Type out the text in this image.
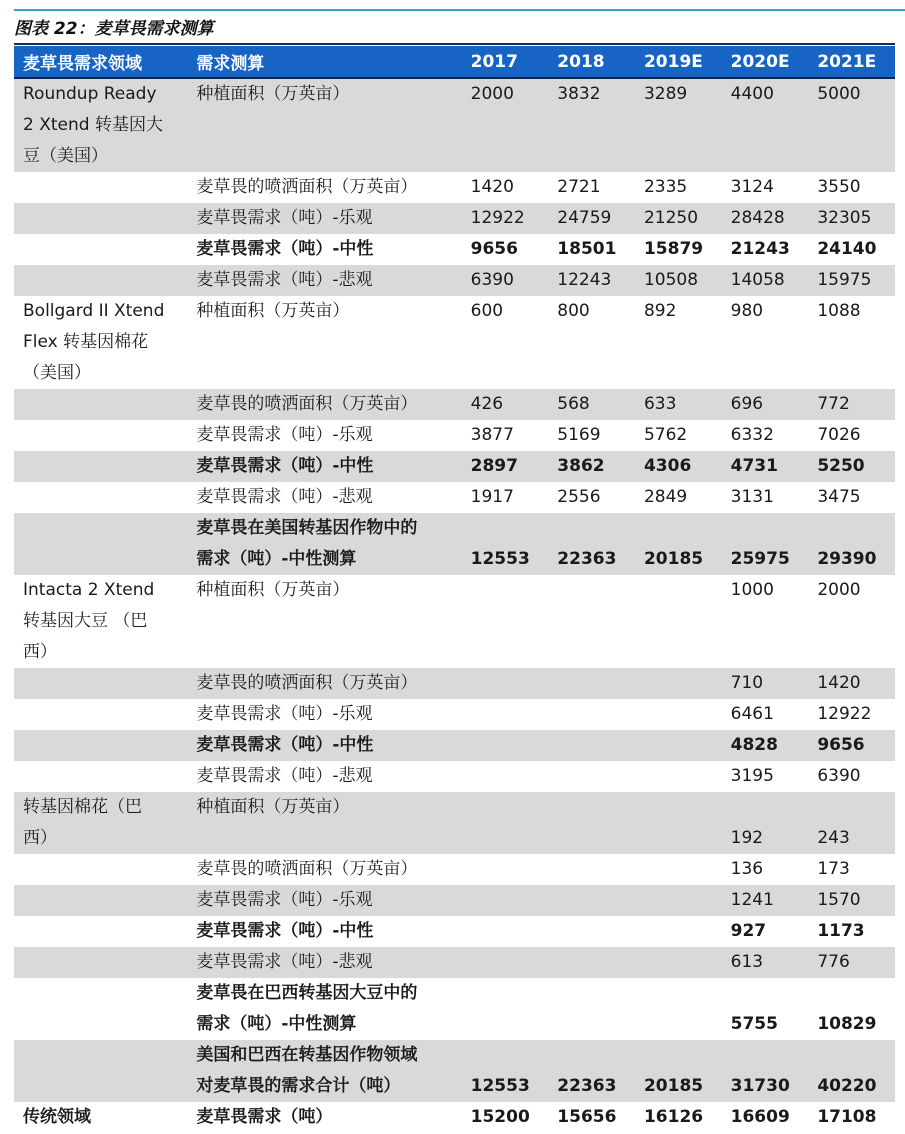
图表 22：麦草畏需求测算
麦草畏需求领域	需求测算	2017	2018	2019E	2020E	2021E

Roundup Ready
2 Xtend 转基因大
豆（美国）	种植面积（万英亩）	2000	3832	3289	4400	5000

	麦草畏的喷洒面积（万英亩）	1420	2721	2335	3124	3550

	麦草畏需求（吨）-乐观	12922	24759	21250	28428	32305

	麦草畏需求（吨）-中性	9656	18501	15879	21243	24140

	麦草畏需求（吨）-悲观	6390	12243	10508	14058	15975

Bollgard II Xtend
Flex 转基因棉花
（美国）	种植面积（万英亩）	600	800	892	980	1088

	麦草畏的喷洒面积（万英亩）	426	568	633	696	772

	麦草畏需求（吨）-乐观	3877	5169	5762	6332	7026

	麦草畏需求（吨）-中性	2897	3862	4306	4731	5250

	麦草畏需求（吨）-悲观	1917	2556	2849	3131	3475

	麦草畏在美国转基因作物中的
需求（吨）-中性测算	12553	22363	20185	25975	29390

Intacta 2 Xtend
转基因大豆 （巴
西）	种植面积（万英亩）				1000	2000

	麦草畏的喷洒面积（万英亩）				710	1420

	麦草畏需求（吨）-乐观				6461	12922

	麦草畏需求（吨）-中性				4828	9656

	麦草畏需求（吨）-悲观				3195	6390

转基因棉花（巴
西）	种植面积（万英亩）				192	243

	麦草畏的喷洒面积（万英亩）				136	173

	麦草畏需求（吨）-乐观				1241	1570

	麦草畏需求（吨）-中性				927	1173

	麦草畏需求（吨）-悲观				613	776

	麦草畏在巴西转基因大豆中的
需求（吨）-中性测算				5755	10829

	美国和巴西在转基因作物领域
对麦草畏的需求合计（吨）	12553	22363	20185	31730	40220

传统领域	麦草畏需求（吨）	15200	15656	16126	16609	17108
